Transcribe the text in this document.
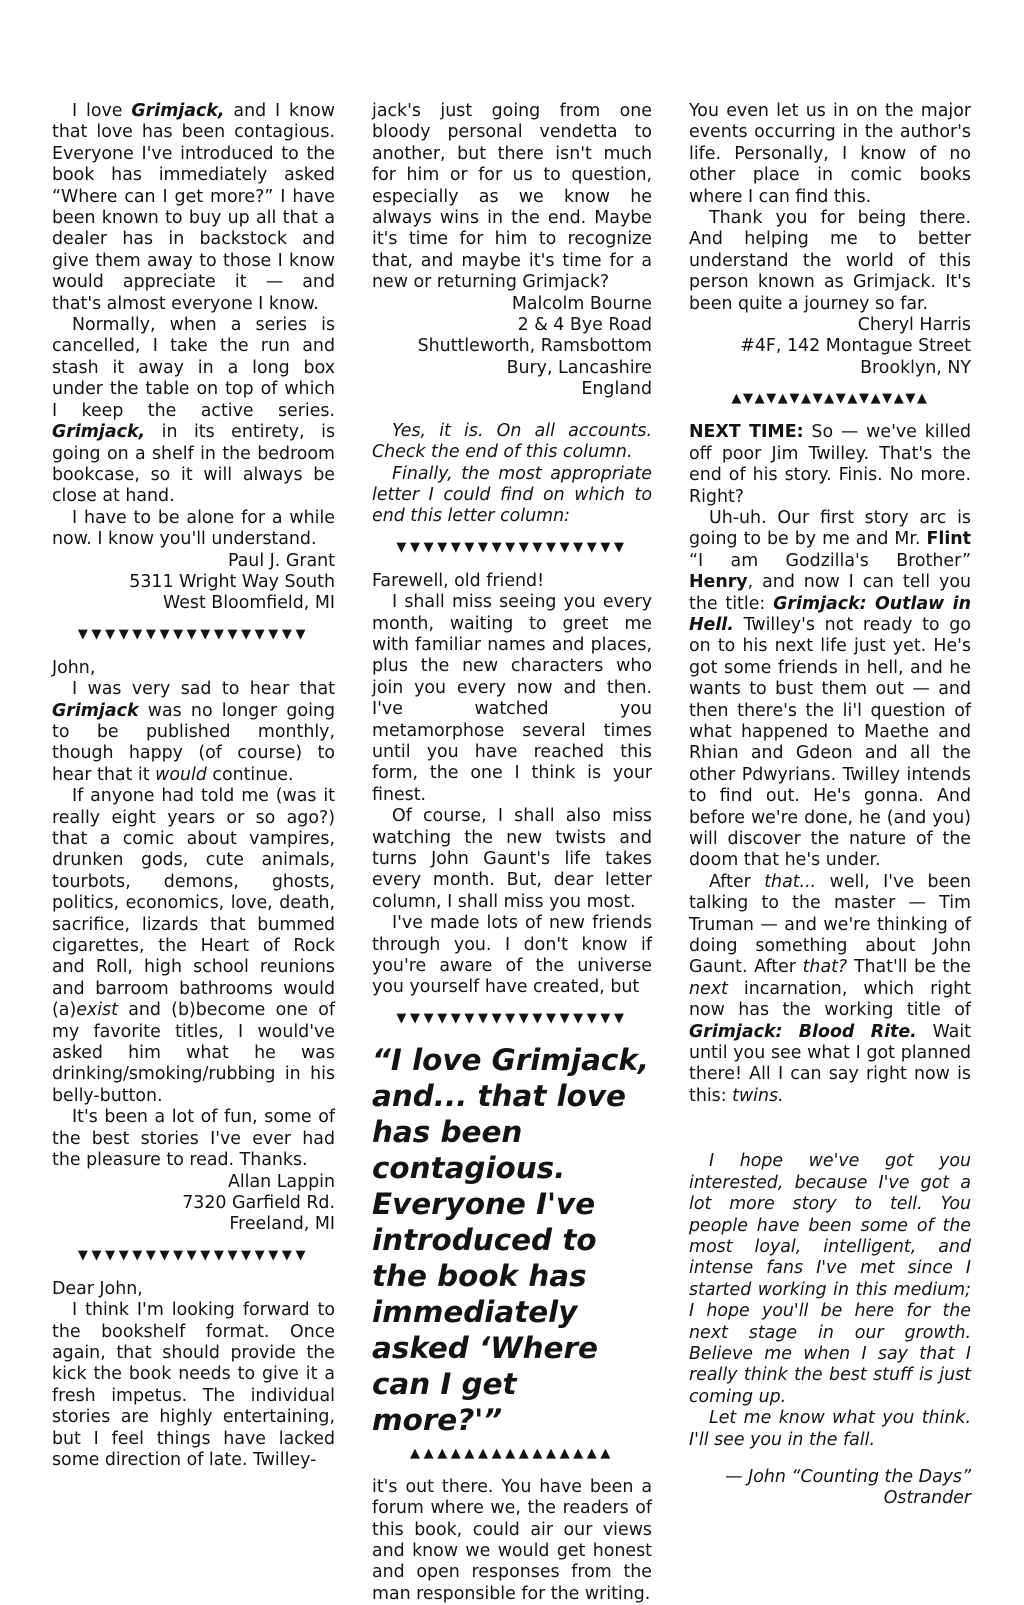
I love Grimjack, and I know that love has been contagious. Everyone I've introduced to the book has immediately asked “Where can I get more?” I have been known to buy up all that a dealer has in backstock and give them away to those I know would appreciate it — and that's almost everyone I know.

Normally, when a series is cancelled, I take the run and stash it away in a long box under the table on top of which I keep the active series. Grimjack, in its entirety, is going on a shelf in the bedroom bookcase, so it will always be close at hand.

I have to be alone for a while now. I know you'll understand.

Paul J. Grant

5311 Wright Way South

West Bloomfield, MI

▼▼▼▼▼▼▼▼▼▼▼▼▼▼▼▼▼

John,

I was very sad to hear that Grimjack was no longer going to be published monthly, though happy (of course) to hear that it would continue.

If anyone had told me (was it really eight years or so ago?) that a comic about vampires, drunken gods, cute animals, tourbots, demons, ghosts, politics, economics, love, death, sacrifice, lizards that bummed cigarettes, the Heart of Rock and Roll, high school reunions and barroom bathrooms would (a)exist and (b)become one of my favorite titles, I would've asked him what he was drinking/smoking/rubbing in his belly-button.

It's been a lot of fun, some of the best stories I've ever had the pleasure to read. Thanks.

Allan Lappin

7320 Garfield Rd.

Freeland, MI

▼▼▼▼▼▼▼▼▼▼▼▼▼▼▼▼▼

Dear John,

I think I'm looking forward to the bookshelf format. Once again, that should provide the kick the book needs to give it a fresh impetus. The individual stories are highly entertaining, but I feel things have lacked some direction of late. Twilley-

jack's just going from one bloody personal vendetta to another, but there isn't much for him or for us to question, especially as we know he always wins in the end. Maybe it's time for him to recognize that, and maybe it's time for a new or returning Grimjack?

Malcolm Bourne

2 & 4 Bye Road

Shuttleworth, Ramsbottom

Bury, Lancashire

England

Yes, it is. On all accounts. Check the end of this column.

Finally, the most appropriate letter I could find on which to end this letter column:

▼▼▼▼▼▼▼▼▼▼▼▼▼▼▼▼▼

Farewell, old friend!

I shall miss seeing you every month, waiting to greet me with familiar names and places, plus the new characters who join you every now and then. I've watched you metamorphose several times until you have reached this form, the one I think is your finest.

Of course, I shall also miss watching the new twists and turns John Gaunt's life takes every month. But, dear letter column, I shall miss you most.

I've made lots of new friends through you. I don't know if you're aware of the universe you yourself have created, but

▼▼▼▼▼▼▼▼▼▼▼▼▼▼▼▼▼
“I love Grimjack, and... that love has been contagious. Everyone I've introduced to the book has immediately asked ‘Where can I get more?'”
▲▲▲▲▲▲▲▲▲▲▲▲▲▲▲

it's out there. You have been a forum where we, the readers of this book, could air our views and know we would get honest and open responses from the man responsible for the writing.

You even let us in on the major events occurring in the author's life. Personally, I know of no other place in comic books where I can find this.

Thank you for being there. And helping me to better understand the world of this person known as Grimjack. It's been quite a journey so far.

Cheryl Harris

#4F, 142 Montague Street

Brooklyn, NY

▲▼▲▼▲▼▲▼▲▼▲▼▲▼▲▼▲

NEXT TIME: So — we've killed off poor Jim Twilley. That's the end of his story. Finis. No more. Right?

Uh-uh. Our first story arc is going to be by me and Mr. Flint “I am Godzilla's Brother” Henry, and now I can tell you the title: Grimjack: Outlaw in Hell. Twilley's not ready to go on to his next life just yet. He's got some friends in hell, and he wants to bust them out — and then there's the li'l question of what happened to Maethe and Rhian and Gdeon and all the other Pdwyrians. Twilley intends to find out. He's gonna. And before we're done, he (and you) will discover the nature of the doom that he's under.

After that... well, I've been talking to the master — Tim Truman — and we're thinking of doing something about John Gaunt. After that? That'll be the next incarnation, which right now has the working title of Grimjack: Blood Rite. Wait until you see what I got planned there! All I can say right now is this: twins.

I hope we've got you interested, because I've got a lot more story to tell. You people have been some of the most loyal, intelligent, and intense fans I've met since I started working in this medium; I hope you'll be here for the next stage in our growth. Believe me when I say that I really think the best stuff is just coming up.

Let me know what you think. I'll see you in the fall.

— John “Counting the Days”

Ostrander
